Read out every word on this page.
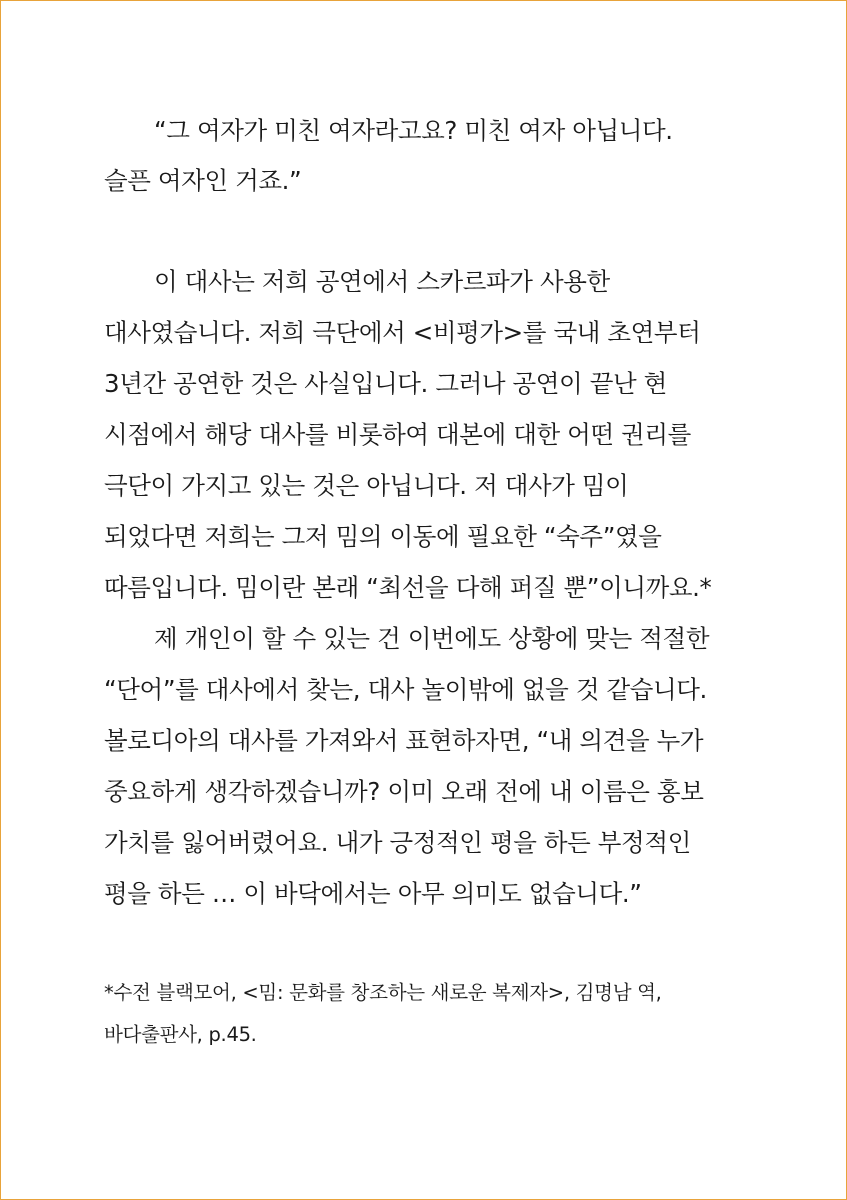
“그 여자가 미친 여자라고요? 미친 여자 아닙니다.
슬픈 여자인 거죠.”
이 대사는 저희 공연에서 스카르파가 사용한
대사였습니다. 저희 극단에서 <비평가>를 국내 초연부터
3년간 공연한 것은 사실입니다. 그러나 공연이 끝난 현
시점에서 해당 대사를 비롯하여 대본에 대한 어떤 권리를
극단이 가지고 있는 것은 아닙니다. 저 대사가 밈이
되었다면 저희는 그저 밈의 이동에 필요한 “숙주”였을
따름입니다. 밈이란 본래 “최선을 다해 퍼질 뿐”이니까요.*
제 개인이 할 수 있는 건 이번에도 상황에 맞는 적절한
“단어”를 대사에서 찾는, 대사 놀이밖에 없을 것 같습니다.
볼로디아의 대사를 가져와서 표현하자면, “내 의견을 누가
중요하게 생각하겠습니까? 이미 오래 전에 내 이름은 홍보
가치를 잃어버렸어요. 내가 긍정적인 평을 하든 부정적인
평을 하든 … 이 바닥에서는 아무 의미도 없습니다.”
*수전 블랙모어, <밈: 문화를 창조하는 새로운 복제자>, 김명남 역,
바다출판사, p.45.
